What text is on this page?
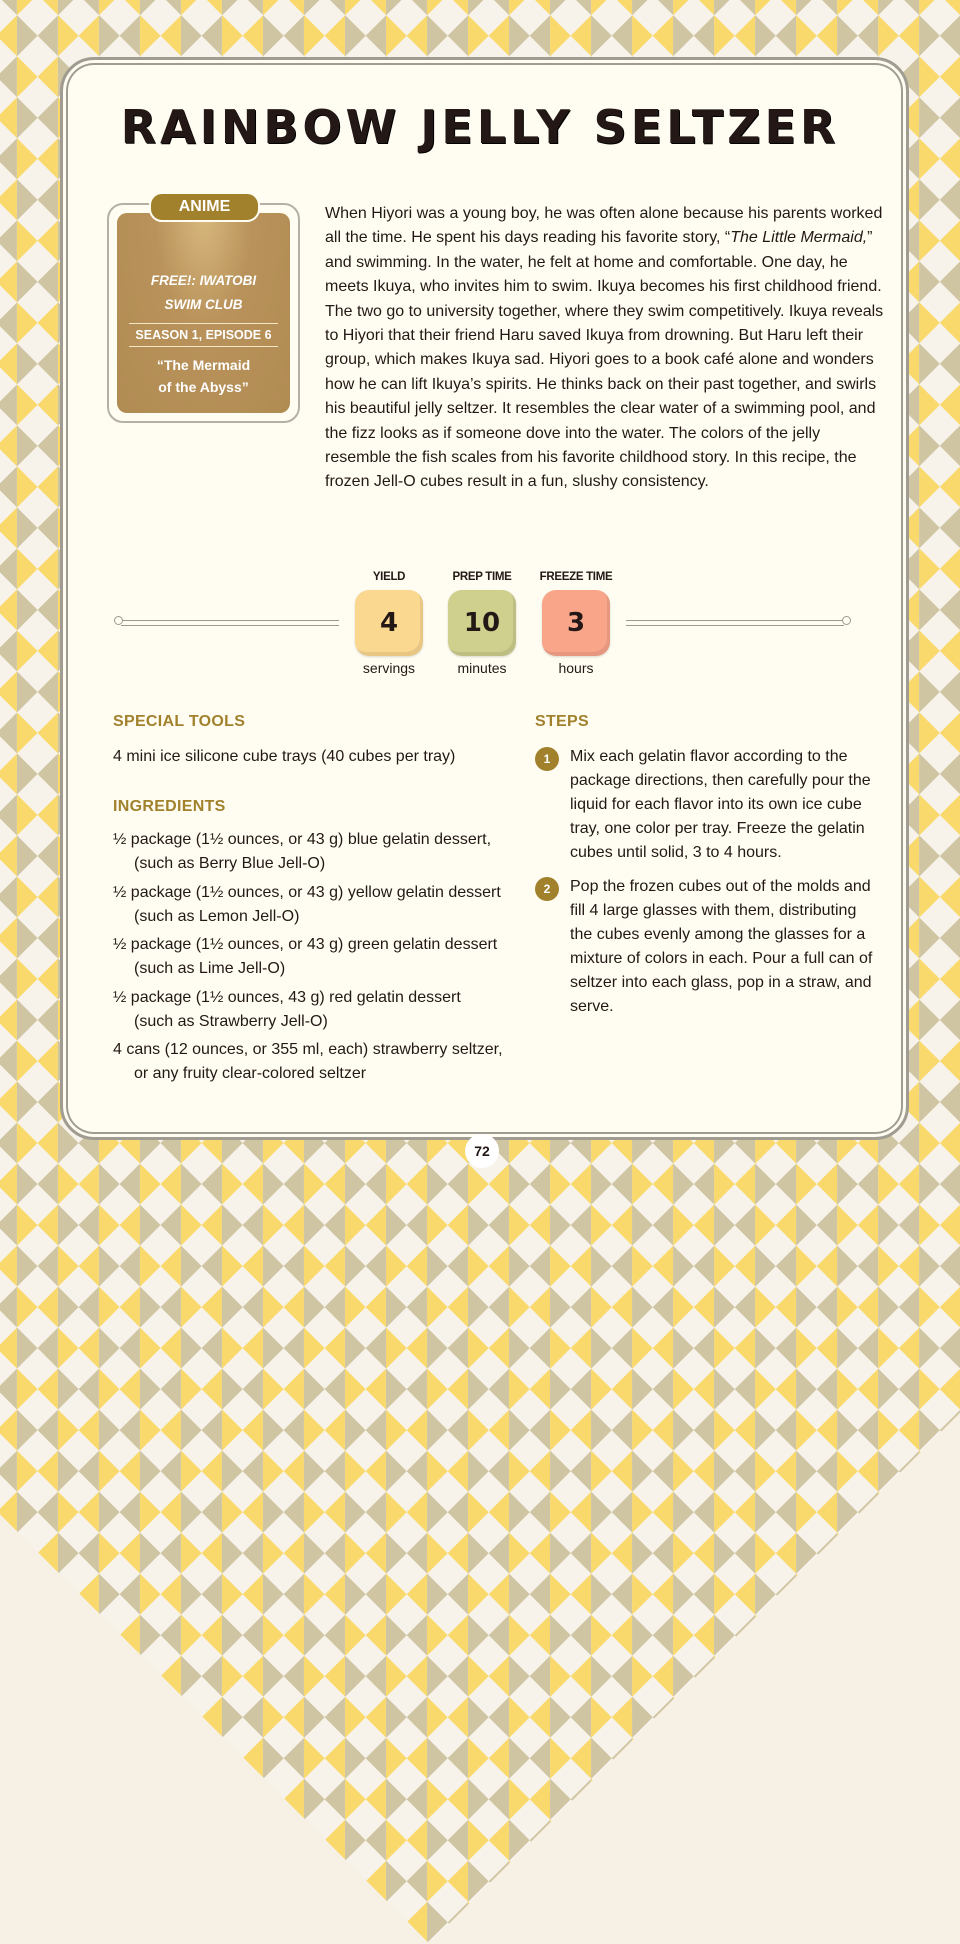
RAINBOW JELLY SELTZER
FREE!: IWATOBI
SWIM CLUB
SEASON 1, EPISODE 6
“The Mermaid
of the Abyss”
ANIME	When Hiyori was a young boy, he was often alone because his parents worked all the time. He spent his days reading his favorite story, “The Little Mermaid,” and swimming. In the water, he felt at home and comfortable. One day, he meets Ikuya, who invites him to swim. Ikuya becomes his first childhood friend. The two go to university together, where they swim competitively. Ikuya reveals to Hiyori that their friend Haru saved Ikuya from drowning. But Haru left their group, which makes Ikuya sad. Hiyori goes to a book café alone and wonders how he can lift Ikuya’s spirits. He thinks back on their past together, and swirls his beautiful jelly seltzer. It resembles the clear water of a swimming pool, and the fizz looks as if someone dove into the water. The colors of the jelly resemble the fish scales from his favorite childhood story. In this recipe, the frozen Jell-O cubes result in a fun, slushy consistency.
YIELD
4
servings
PREP TIME
10
minutes
FREEZE TIME
3
hours
SPECIAL TOOLS
4 mini ice silicone cube trays (40 cubes per tray)
INGREDIENTS
½ package (1½ ounces, or 43 g) blue gelatin dessert, (such as Berry Blue Jell-O)
½ package (1½ ounces, or 43 g) yellow gelatin dessert (such as Lemon Jell-O)
½ package (1½ ounces, or 43 g) green gelatin dessert (such as Lime Jell-O)
½ package (1½ ounces, 43 g) red gelatin dessert (such as Strawberry Jell-O)
4 cans (12 ounces, or 355 ml, each) strawberry seltzer, or any fruity clear-colored seltzer
STEPS
1	Mix each gelatin flavor according to the package directions, then carefully pour the liquid for each flavor into its own ice cube tray, one color per tray. Freeze the gelatin cubes until solid, 3 to 4 hours.
2	Pop the frozen cubes out of the molds and fill 4 large glasses with them, distributing the cubes evenly among the glasses for a mixture of colors in each. Pour a full can of seltzer into each glass, pop in a straw, and serve.
72
